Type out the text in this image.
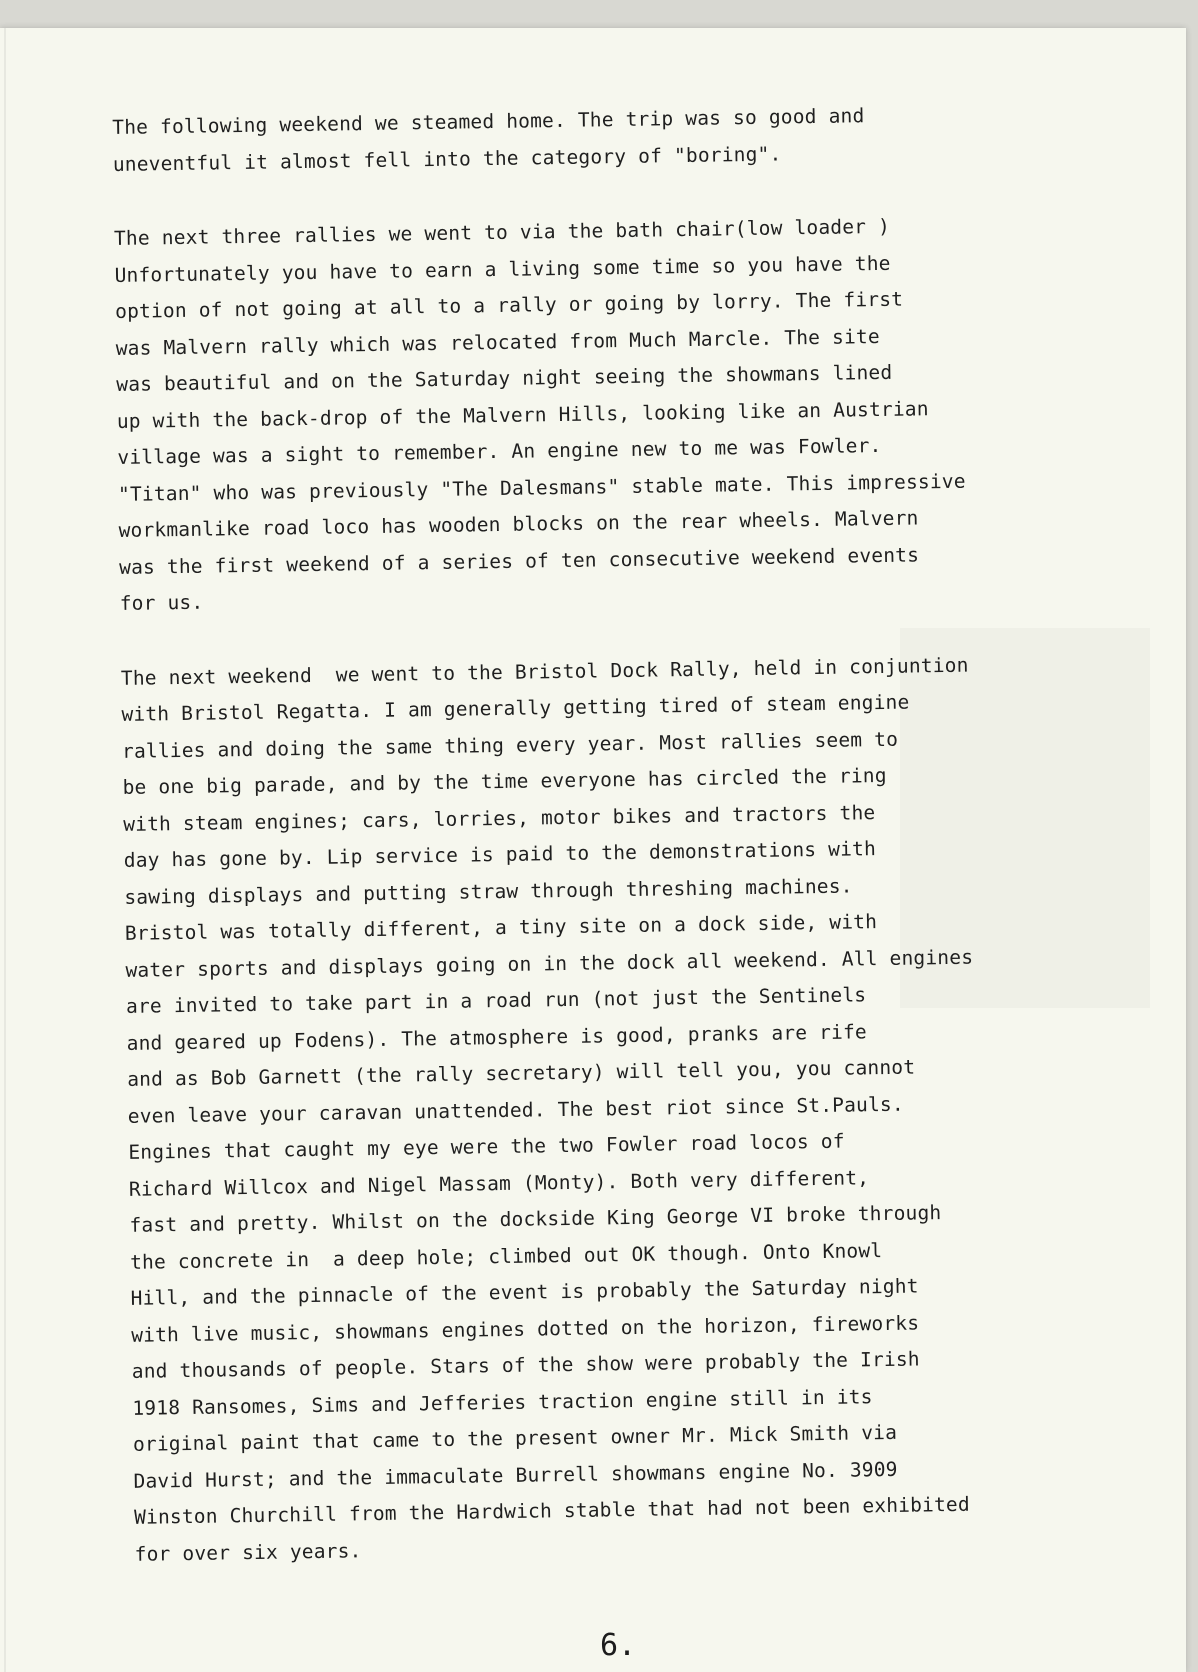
The following weekend we steamed home. The trip was so good and
uneventful it almost fell into the category of "boring".
The next three rallies we went to via the bath chair(low loader )
Unfortunately you have to earn a living some time so you have the
option of not going at all to a rally or going by lorry. The first
was Malvern rally which was relocated from Much Marcle. The site
was beautiful and on the Saturday night seeing the showmans lined
up with the back-drop of the Malvern Hills, looking like an Austrian
village was a sight to remember. An engine new to me was Fowler.
"Titan" who was previously "The Dalesmans" stable mate. This impressive
workmanlike road loco has wooden blocks on the rear wheels. Malvern
was the first weekend of a series of ten consecutive weekend events
for us.
The next weekend  we went to the Bristol Dock Rally, held in conjuntion
with Bristol Regatta. I am generally getting tired of steam engine
rallies and doing the same thing every year. Most rallies seem to
be one big parade, and by the time everyone has circled the ring
with steam engines; cars, lorries, motor bikes and tractors the
day has gone by. Lip service is paid to the demonstrations with
sawing displays and putting straw through threshing machines.
Bristol was totally different, a tiny site on a dock side, with
water sports and displays going on in the dock all weekend. All engines
are invited to take part in a road run (not just the Sentinels
and geared up Fodens). The atmosphere is good, pranks are rife
and as Bob Garnett (the rally secretary) will tell you, you cannot
even leave your caravan unattended. The best riot since St.Pauls.
Engines that caught my eye were the two Fowler road locos of
Richard Willcox and Nigel Massam (Monty). Both very different,
fast and pretty. Whilst on the dockside King George VI broke through
the concrete in  a deep hole; climbed out OK though. Onto Knowl
Hill, and the pinnacle of the event is probably the Saturday night
with live music, showmans engines dotted on the horizon, fireworks
and thousands of people. Stars of the show were probably the Irish
1918 Ransomes, Sims and Jefferies traction engine still in its
original paint that came to the present owner Mr. Mick Smith via
David Hurst; and the immaculate Burrell showmans engine No. 3909
Winston Churchill from the Hardwich stable that had not been exhibited
for over six years.
6.
